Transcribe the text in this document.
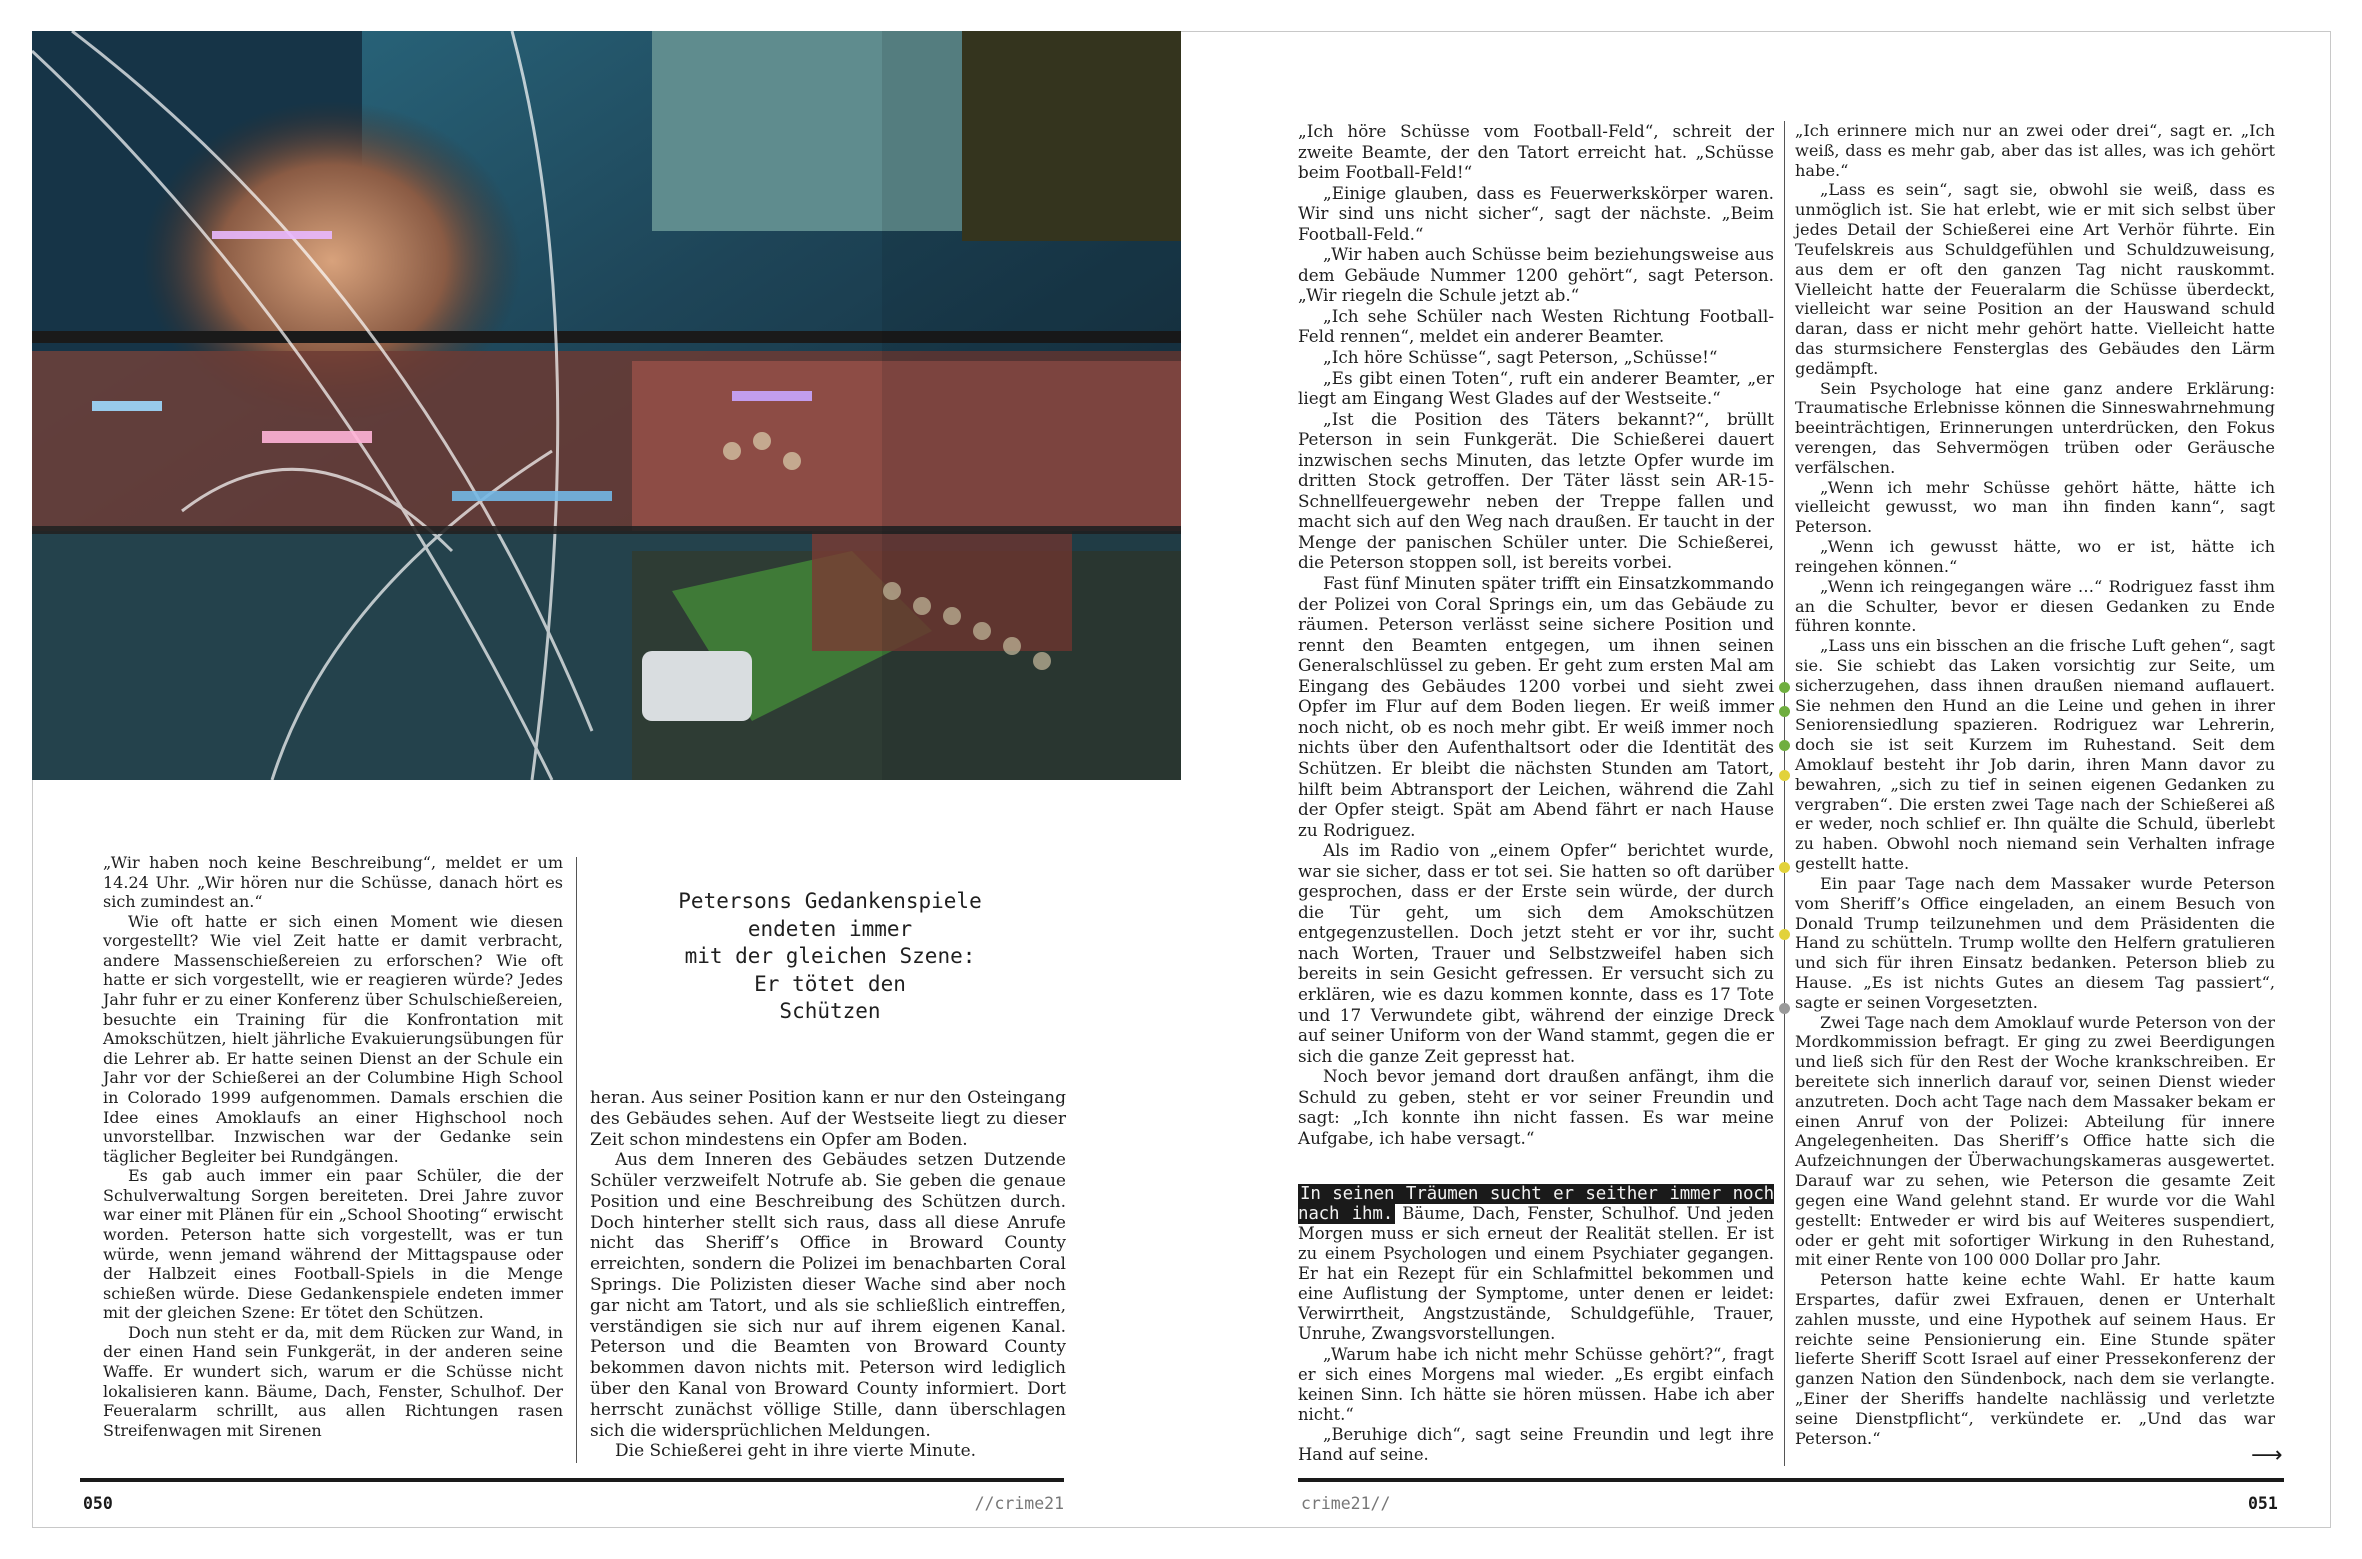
„Wir haben noch keine Beschreibung“, meldet er um 14.24 Uhr. „Wir hören nur die Schüsse, danach hört es sich zumindest an.“

Wie oft hatte er sich einen Moment wie diesen vorgestellt? Wie viel Zeit hatte er damit verbracht, andere Massenschießereien zu erforschen? Wie oft hatte er sich vorgestellt, wie er reagieren würde? Jedes Jahr fuhr er zu einer Konferenz über Schulschießereien, besuchte ein Training für die Konfrontation mit Amokschützen, hielt jährliche Evakuierungsübungen für die Lehrer ab. Er hatte seinen Dienst an der Schule ein Jahr vor der Schießerei an der Columbine High School in Colorado 1999 aufgenommen. Damals erschien die Idee eines Amoklaufs an einer Highschool noch unvorstellbar. Inzwischen war der Gedanke sein täglicher Begleiter bei Rundgängen.

Es gab auch immer ein paar Schüler, die der Schulverwaltung Sorgen bereiteten. Drei Jahre zuvor war einer mit Plänen für ein „School Shooting“ erwischt worden. Peterson hatte sich vorgestellt, was er tun würde, wenn jemand während der Mittagspause oder der Halbzeit eines Football-Spiels in die Menge schießen würde. Diese Gedankenspiele endeten immer mit der gleichen Szene: Er tötet den Schützen.

Doch nun steht er da, mit dem Rücken zur Wand, in der einen Hand sein Funkgerät, in der anderen seine Waffe. Er wundert sich, warum er die Schüsse nicht lokalisieren kann. Bäume, Dach, Fenster, Schulhof. Der Feueralarm schrillt, aus allen Richtungen rasen Streifenwagen mit Sirenen

Petersons Gedankenspiele
endeten immer
mit der gleichen Szene:
Er tötet den
Schützen

heran. Aus seiner Position kann er nur den Osteingang des Gebäudes sehen. Auf der Westseite liegt zu dieser Zeit schon mindestens ein Opfer am Boden.

Aus dem Inneren des Gebäudes setzen Dutzende Schüler verzweifelt Notrufe ab. Sie geben die genaue Position und eine Beschreibung des Schützen durch. Doch hinterher stellt sich raus, dass all diese Anrufe nicht das Sheriff’s Office in Broward County erreichten, sondern die Polizei im benachbarten Coral Springs. Die Polizisten dieser Wache sind aber noch gar nicht am Tatort, und als sie schließlich eintreffen, verständigen sie sich nur auf ihrem eigenen Kanal. Peterson und die Beamten von Broward County bekommen davon nichts mit. Peterson wird lediglich über den Kanal von Broward County informiert. Dort herrscht zunächst völlige Stille, dann überschlagen sich die widersprüchlichen Meldungen.

Die Schießerei geht in ihre vierte Minute.

050	//crime21

„Ich höre Schüsse vom Football-Feld“, schreit der zweite Beamte, der den Tatort erreicht hat. „Schüsse beim Football-Feld!“

„Einige glauben, dass es Feuerwerkskörper waren. Wir sind uns nicht sicher“, sagt der nächste. „Beim Football-Feld.“

„Wir haben auch Schüsse beim beziehungsweise aus dem Gebäude Nummer 1200 gehört“, sagt Peterson. „Wir riegeln die Schule jetzt ab.“

„Ich sehe Schüler nach Westen Richtung Football-Feld rennen“, meldet ein anderer Beamter.

„Ich höre Schüsse“, sagt Peterson, „Schüsse!“

„Es gibt einen Toten“, ruft ein anderer Beamter, „er liegt am Eingang West Glades auf der Westseite.“

„Ist die Position des Täters bekannt?“, brüllt Peterson in sein Funkgerät. Die Schießerei dauert inzwischen sechs Minuten, das letzte Opfer wurde im dritten Stock getroffen. Der Täter lässt sein AR-15-Schnellfeuergewehr neben der Treppe fallen und macht sich auf den Weg nach draußen. Er taucht in der Menge der panischen Schüler unter. Die Schießerei, die Peterson stoppen soll, ist bereits vorbei.

Fast fünf Minuten später trifft ein Einsatzkommando der Polizei von Coral Springs ein, um das Gebäude zu räumen. Peterson verlässt seine sichere Position und rennt den Beamten entgegen, um ihnen seinen Generalschlüssel zu geben. Er geht zum ersten Mal am Eingang des Gebäudes 1200 vorbei und sieht zwei Opfer im Flur auf dem Boden liegen. Er weiß immer noch nicht, ob es noch mehr gibt. Er weiß immer noch nichts über den Aufenthaltsort oder die Identität des Schützen. Er bleibt die nächsten Stunden am Tatort, hilft beim Abtransport der Leichen, während die Zahl der Opfer steigt. Spät am Abend fährt er nach Hause zu Rodriguez.

Als im Radio von „einem Opfer“ berichtet wurde, war sie sicher, dass er tot sei. Sie hatten so oft darüber gesprochen, dass er der Erste sein würde, der durch die Tür geht, um sich dem Amokschützen entgegenzustellen. Doch jetzt steht er vor ihr, sucht nach Worten, Trauer und Selbstzweifel haben sich bereits in sein Gesicht gefressen. Er versucht sich zu erklären, wie es dazu kommen konnte, dass es 17 Tote und 17 Verwundete gibt, während der einzige Dreck auf seiner Uniform von der Wand stammt, gegen die er sich die ganze Zeit gepresst hat.

Noch bevor jemand dort draußen anfängt, ihm die Schuld zu geben, steht er vor seiner Freundin und sagt: „Ich konnte ihn nicht fassen. Es war meine Aufgabe, ich habe versagt.“

In seinen Träumen sucht er seither immer noch nach ihm. Bäume, Dach, Fenster, Schulhof. Und jeden Morgen muss er sich erneut der Realität stellen. Er ist zu einem Psychologen und einem Psychiater gegangen. Er hat ein Rezept für ein Schlafmittel bekommen und eine Auflistung der Symptome, unter denen er leidet: Verwirrtheit, Angstzustände, Schuldgefühle, Trauer, Unruhe, Zwangsvorstellungen.

„Warum habe ich nicht mehr Schüsse gehört?“, fragt er sich eines Morgens mal wieder. „Es ergibt einfach keinen Sinn. Ich hätte sie hören müssen. Habe ich aber nicht.“

„Beruhige dich“, sagt seine Freundin und legt ihre Hand auf seine.

„Ich erinnere mich nur an zwei oder drei“, sagt er. „Ich weiß, dass es mehr gab, aber das ist alles, was ich gehört habe.“

„Lass es sein“, sagt sie, obwohl sie weiß, dass es unmöglich ist. Sie hat erlebt, wie er mit sich selbst über jedes Detail der Schießerei eine Art Verhör führte. Ein Teufelskreis aus Schuldgefühlen und Schuldzuweisung, aus dem er oft den ganzen Tag nicht rauskommt. Vielleicht hatte der Feueralarm die Schüsse überdeckt, vielleicht war seine Position an der Hauswand schuld daran, dass er nicht mehr gehört hatte. Vielleicht hatte das sturmsichere Fensterglas des Gebäudes den Lärm gedämpft.

Sein Psychologe hat eine ganz andere Erklärung: Traumatische Erlebnisse können die Sinneswahrnehmung beeinträchtigen, Erinnerungen unterdrücken, den Fokus verengen, das Sehvermögen trüben oder Geräusche verfälschen.

„Wenn ich mehr Schüsse gehört hätte, hätte ich vielleicht gewusst, wo man ihn finden kann“, sagt Peterson.

„Wenn ich gewusst hätte, wo er ist, hätte ich reingehen können.“

„Wenn ich reingegangen wäre …“ Rodriguez fasst ihm an die Schulter, bevor er diesen Gedanken zu Ende führen konnte.

„Lass uns ein bisschen an die frische Luft gehen“, sagt sie. Sie schiebt das Laken vorsichtig zur Seite, um sicherzugehen, dass ihnen draußen niemand auflauert. Sie nehmen den Hund an die Leine und gehen in ihrer Seniorensiedlung spazieren. Rodriguez war Lehrerin, doch sie ist seit Kurzem im Ruhestand. Seit dem Amoklauf besteht ihr Job darin, ihren Mann davor zu bewahren, „sich zu tief in seinen eigenen Gedanken zu vergraben“. Die ersten zwei Tage nach der Schießerei aß er weder, noch schlief er. Ihn quälte die Schuld, überlebt zu haben. Obwohl noch niemand sein Verhalten infrage gestellt hatte.

Ein paar Tage nach dem Massaker wurde Peterson vom Sheriff’s Office eingeladen, an einem Besuch von Donald Trump teilzunehmen und dem Präsidenten die Hand zu schütteln. Trump wollte den Helfern gratulieren und sich für ihren Einsatz bedanken. Peterson blieb zu Hause. „Es ist nichts Gutes an diesem Tag passiert“, sagte er seinen Vorgesetzten.

Zwei Tage nach dem Amoklauf wurde Peterson von der Mordkommission befragt. Er ging zu zwei Beerdigungen und ließ sich für den Rest der Woche krankschreiben. Er bereitete sich innerlich darauf vor, seinen Dienst wieder anzutreten. Doch acht Tage nach dem Massaker bekam er einen Anruf von der Polizei: Abteilung für innere Angelegenheiten. Das Sheriff’s Office hatte sich die Aufzeichnungen der Überwachungskameras ausgewertet. Darauf war zu sehen, wie Peterson die gesamte Zeit gegen eine Wand gelehnt stand. Er wurde vor die Wahl gestellt: Entweder er wird bis auf Weiteres suspendiert, oder er geht mit sofortiger Wirkung in den Ruhestand, mit einer Rente von 100 000 Dollar pro Jahr.

Peterson hatte keine echte Wahl. Er hatte kaum Erspartes, dafür zwei Exfrauen, denen er Unterhalt zahlen musste, und eine Hypothek auf seinem Haus. Er reichte seine Pensionierung ein. Eine Stunde später lieferte Sheriff Scott Israel auf einer Pressekonferenz der ganzen Nation den Sündenbock, nach dem sie verlangte. „Einer der Sheriffs handelte nachlässig und verletzte seine Dienstpflicht“, verkündete er. „Und das war Peterson.“

⟶
crime21//	051
